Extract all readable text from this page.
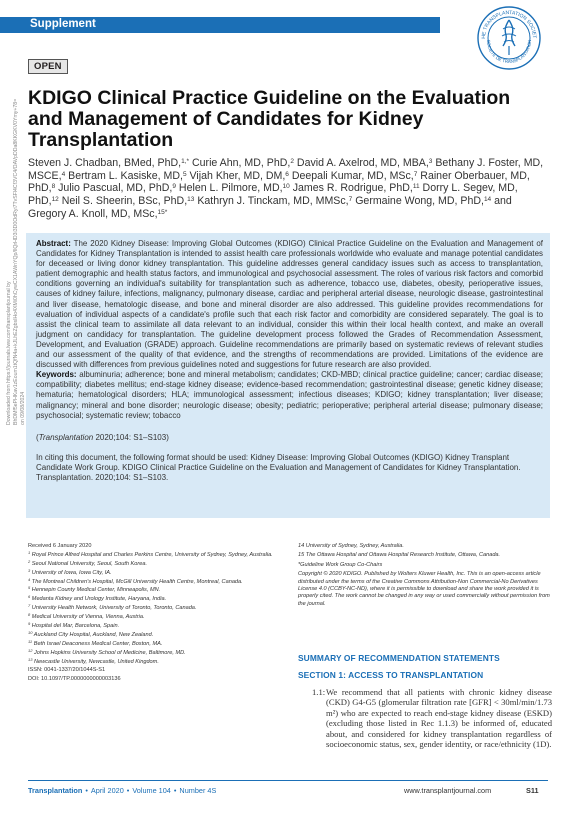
Supplement
HE TRANSPLANTATION SOCIET
SOCIETE DE TRANSPLANTATION
OPEN
Downloaded from https://journals.lww.com/transplantjournal by BhDMf5ePHKav1zEoum1tQfN4a+kJLhEZgbsIHo4XMi0hCywCX1AWnYQp/IlQrHD3i3D0OdRyi7TvSFl4Cf3VC4/OAVpDDa8KKGKV0Ymy+78= on 09/08/2024
KDIGO Clinical Practice Guideline on the Evaluation and Management of Candidates for Kidney Transplantation
Steven J. Chadban, BMed, PhD,$^{1,*}$ Curie Ahn, MD, PhD,$^2$ David A. Axelrod, MD, MBA,$^3$ Bethany J. Foster, MD, MSCE,$^4$ Bertram L. Kasiske, MD,$^5$ Vijah Kher, MD, DM,$^6$ Deepali Kumar, MD, MSc,$^7$ Rainer Oberbauer, MD, PhD,$^8$ Julio Pascual, MD, PhD,$^9$ Helen L. Pilmore, MD,$^{10}$ James R. Rodrigue, PhD,$^{11}$ Dorry L. Segev, MD, PhD,$^{12}$ Neil S. Sheerin, BSc, PhD,$^{13}$ Kathryn J. Tinckam, MD, MMSc,$^7$ Germaine Wong, MD, PhD,$^{14}$ and Gregory A. Knoll, MD, MSc,$^{15*}$
Abstract: The 2020 Kidney Disease: Improving Global Outcomes (KDIGO) Clinical Practice Guideline on the Evaluation and Management of Candidates for Kidney Transplantation is intended to assist health care professionals worldwide who evaluate and manage potential candidates for deceased or living donor kidney transplantation. This guideline addresses general candidacy issues such as access to transplantation, patient demographic and health status factors, and immunological and psychosocial assessment. The roles of various risk factors and comorbid conditions governing an individual's suitability for transplantation such as adherence, tobacco use, diabetes, obesity, perioperative issues, causes of kidney failure, infections, malignancy, pulmonary disease, cardiac and peripheral arterial disease, neurologic disease, gastrointestinal and liver disease, hematologic disease, and bone and mineral disorder are also addressed. This guideline provides recommendations for evaluation of individual aspects of a candidate's profile such that each risk factor and comorbidity are considered separately. The goal is to assist the clinical team to assimilate all data relevant to an individual, consider this within their local health context, and make an overall judgment on candidacy for transplantation. The guideline development process followed the Grades of Recommendation Assessment, Development, and Evaluation (GRADE) approach. Guideline recommendations are primarily based on systematic reviews of relevant studies and our assessment of the quality of that evidence, and the strengths of recommendations are provided. Limitations of the evidence are discussed with differences from previous guidelines noted and suggestions for future research are also provided.
Keywords: albuminuria; adherence; bone and mineral metabolism; candidates; CKD-MBD; clinical practice guideline; cancer; cardiac disease; compatibility; diabetes mellitus; end-stage kidney disease; evidence-based recommendation; gastrointestinal disease; genetic kidney disease; hematuria; hematological disorders; HLA; immunological assessment; infectious diseases; KDIGO; kidney transplantation; liver disease; malignancy; mineral and bone disorder; neurologic disease; obesity; pediatric; perioperative; peripheral arterial disease; pulmonary disease; psychosocial; systematic review; tobacco
(Transplantation 2020;104: S1–S103)
In citing this document, the following format should be used: Kidney Disease: Improving Global Outcomes (KDIGO) Kidney Transplant Candidate Work Group. KDIGO Clinical Practice Guideline on the Evaluation and Management of Candidates for Kidney Transplantation. Transplantation. 2020;104: S1–S103.
Received 6 January 2020
$^1$ Royal Prince Alfred Hospital and Charles Perkins Centre, University of Sydney, Sydney, Australia.
$^2$ Seoul National University, Seoul, South Korea.
$^3$ University of Iowa, Iowa City, IA.
$^4$ The Montreal Children's Hospital, McGill University Health Centre, Montreal, Canada.
$^5$ Hennepin County Medical Center, Minneapolis, MN.
$^6$ Medanta Kidney and Urology Institute, Haryana, India.
$^7$ University Health Network, University of Toronto, Toronto, Canada.
$^8$ Medical University of Vienna, Vienna, Austria.
$^9$ Hospital del Mar, Barcelona, Spain.
$^{10}$ Auckland City Hospital, Auckland, New Zealand.
$^{11}$ Beth Israel Deaconess Medical Center, Boston, MA.
$^{12}$ Johns Hopkins University School of Medicine, Baltimore, MD.
$^{13}$ Newcastle University, Newcastle, United Kingdom.
ISSN: 0041-1337/20/1044S-S1
DOI: 10.1097/TP.0000000000003136
14 University of Sydney, Sydney, Australia.
15 The Ottawa Hospital and Ottawa Hospital Research Institute, Ottawa, Canada.
*Guideline Work Group Co-Chairs
Copyright © 2020 KDIGO. Published by Wolters Kluwer Health, Inc. This is an open-access article distributed under the terms of the Creative Commons Attribution-Non Commercial-No Derivatives License 4.0 (CCBY-NC-ND), where it is permissible to download and share the work provided it is properly cited. The work cannot be changed in any way or used commercially without permission from the journal.
SUMMARY OF RECOMMENDATION STATEMENTS
SECTION 1: ACCESS TO TRANSPLANTATION
1.1: We recommend that all patients with chronic kidney disease (CKD) G4-G5 (glomerular filtration rate [GFR] < 30ml/min/1.73 m²) who are expected to reach end-stage kidney disease (ESKD) (excluding those listed in Rec 1.1.3) be informed of, educated about, and considered for kidney transplantation regardless of socioeconomic status, sex, gender identity, or race/ethnicity (1D).
Transplantation • April 2020 • Volume 104 • Number 4S	www.transplantjournal.com	S11
